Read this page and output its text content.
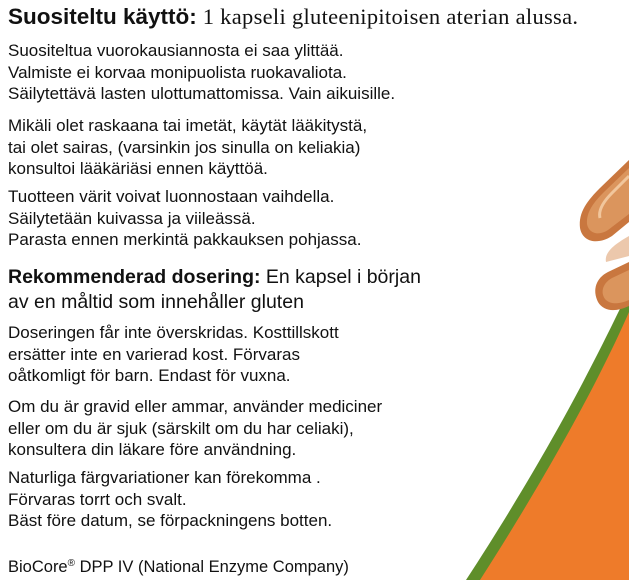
Suositeltu käyttö: 1 kapseli gluteenipitoisen aterian alussa.
Suositeltua vuorokausiannosta ei saa ylittää.
Valmiste ei korvaa monipuolista ruokavaliota.
Säilytettävä lasten ulottumattomissa. Vain aikuisille.
Mikäli olet raskaana tai imetät, käytät lääkitystä,
tai olet sairas, (varsinkin jos sinulla on keliakia)
konsultoi lääkäriäsi ennen käyttöä.
Tuotteen värit voivat luonnostaan vaihdella.
Säilytetään kuivassa ja viileässä.
Parasta ennen merkintä pakkauksen pohjassa.
Rekommenderad dosering: En kapsel i början
av en måltid som innehåller gluten
Doseringen får inte överskridas. Kosttillskott
ersätter inte en varierad kost. Förvaras
oåtkomligt för barn. Endast för vuxna.
Om du är gravid eller ammar, använder mediciner
eller om du är sjuk (särskilt om du har celiaki),
konsultera din läkare före användning.
Naturliga färgvariationer kan förekomma .
Förvaras torrt och svalt.
Bäst före datum, se förpackningens botten.
BioCore® DPP IV (National Enzyme Company)
